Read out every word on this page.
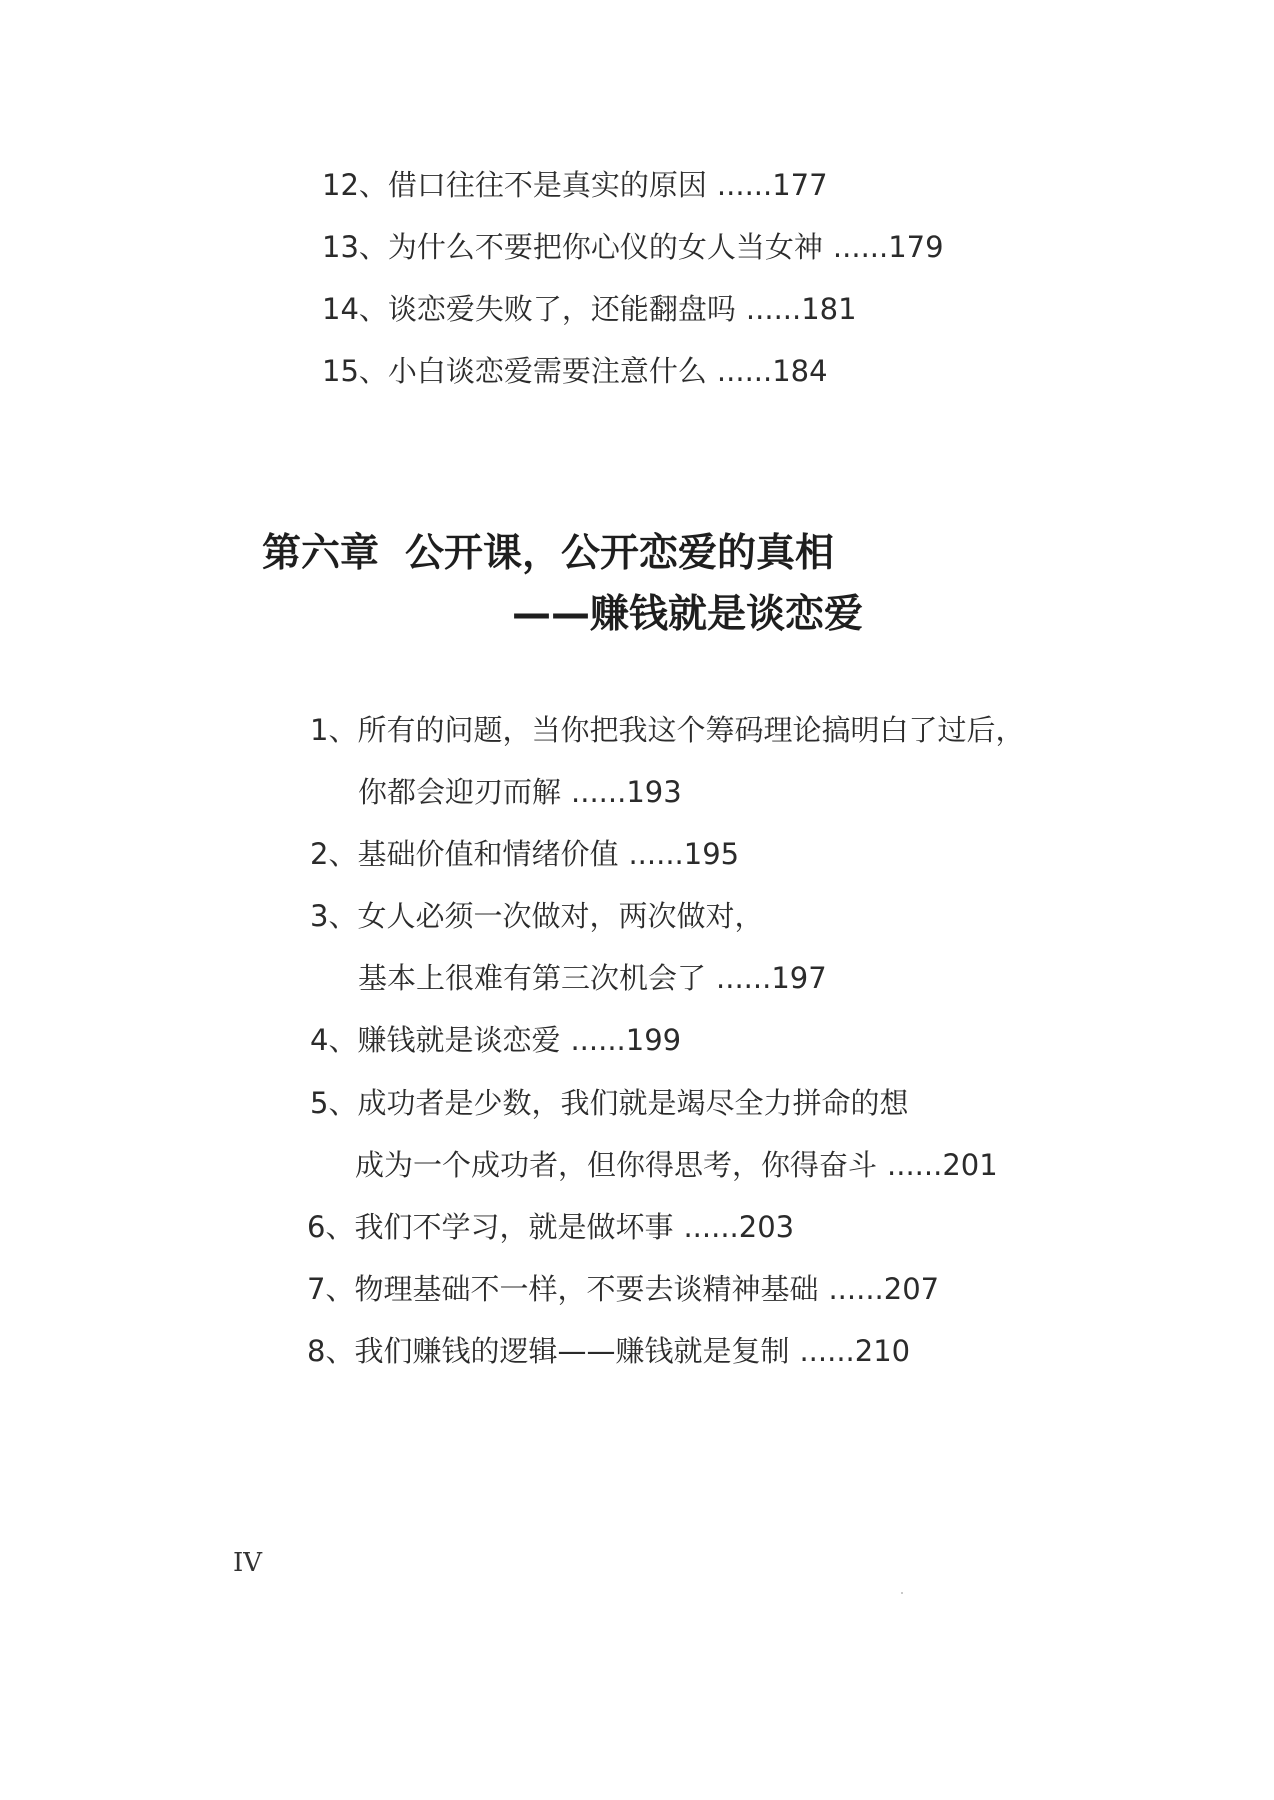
12、借口往往不是真实的原因 ......177
13、为什么不要把你心仪的女人当女神 ......179
14、谈恋爱失败了，还能翻盘吗 ......181
15、小白谈恋爱需要注意什么 ......184
第六章 公开课，公开恋爱的真相
——赚钱就是谈恋爱
1、所有的问题，当你把我这个筹码理论搞明白了过后，
你都会迎刃而解 ......193
2、基础价值和情绪价值 ......195
3、女人必须一次做对，两次做对，
基本上很难有第三次机会了 ......197
4、赚钱就是谈恋爱 ......199
5、成功者是少数，我们就是竭尽全力拼命的想
成为一个成功者，但你得思考，你得奋斗 ......201
6、我们不学习，就是做坏事 ......203
7、物理基础不一样，不要去谈精神基础 ......207
8、我们赚钱的逻辑——赚钱就是复制 ......210
IV
